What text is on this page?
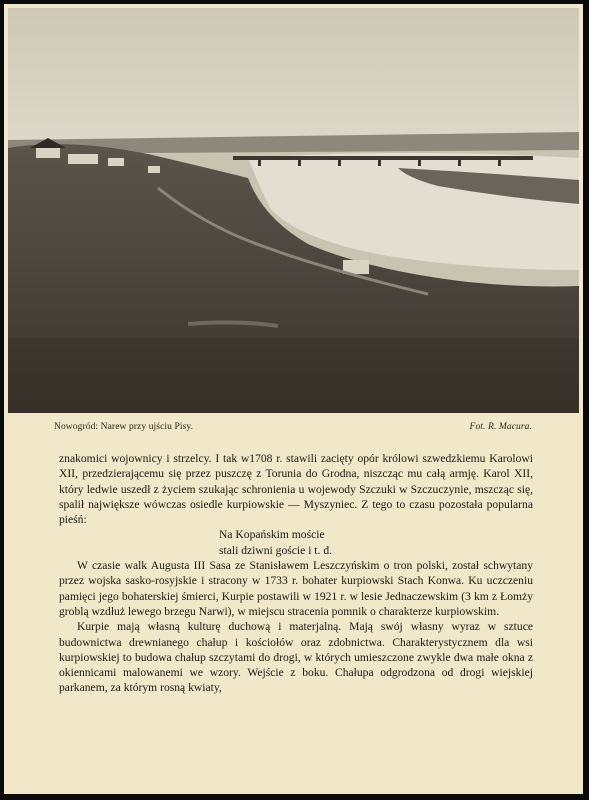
Nowogród: Narew przy ujściu Pisy.	Fot. R. Macura.

znakomici wojownicy i strzelcy. I tak w1708 r. stawili zacięty opór królowi szwedzkiemu Karolowi XII, przedzierającemu się przez puszczę z Torunia do Grodna, niszcząc mu całą armję. Karol XII, który ledwie uszedł z życiem szukając schronienia u wojewody Szczuki w Szczuczynie, mszcząc się, spalił największe wówczas osiedle kurpiowskie — Myszyniec. Z tego to czasu pozostała popularna pieśń:

Na Kopańskim moście

stali dziwni goście i t. d.

W czasie walk Augusta III Sasa ze Stanisławem Leszczyńskim o tron polski, został schwytany przez wojska sasko-rosyjskie i stracony w 1733 r. bohater kurpiowski Stach Konwa. Ku uczczeniu pamięci jego bohaterskiej śmierci, Kurpie postawili w 1921 r. w lesie Jednaczewskim (3 km z Łomży groblą wzdłuż lewego brzegu Narwi), w miejscu stracenia pomnik o charakterze kurpiowskim.

Kurpie mają własną kulturę duchową i materjalną. Mają swój własny wyraz w sztuce budownictwa drewnianego chałup i kościołów oraz zdobnictwa. Charakterystycznem dla wsi kurpiowskiej to budowa chałup szczytami do drogi, w których umieszczone zwykle dwa małe okna z okiennicami malowanemi we wzory. Wejście z boku. Chałupa odgrodzona od drogi wiejskiej parkanem, za którym rosną kwiaty,
